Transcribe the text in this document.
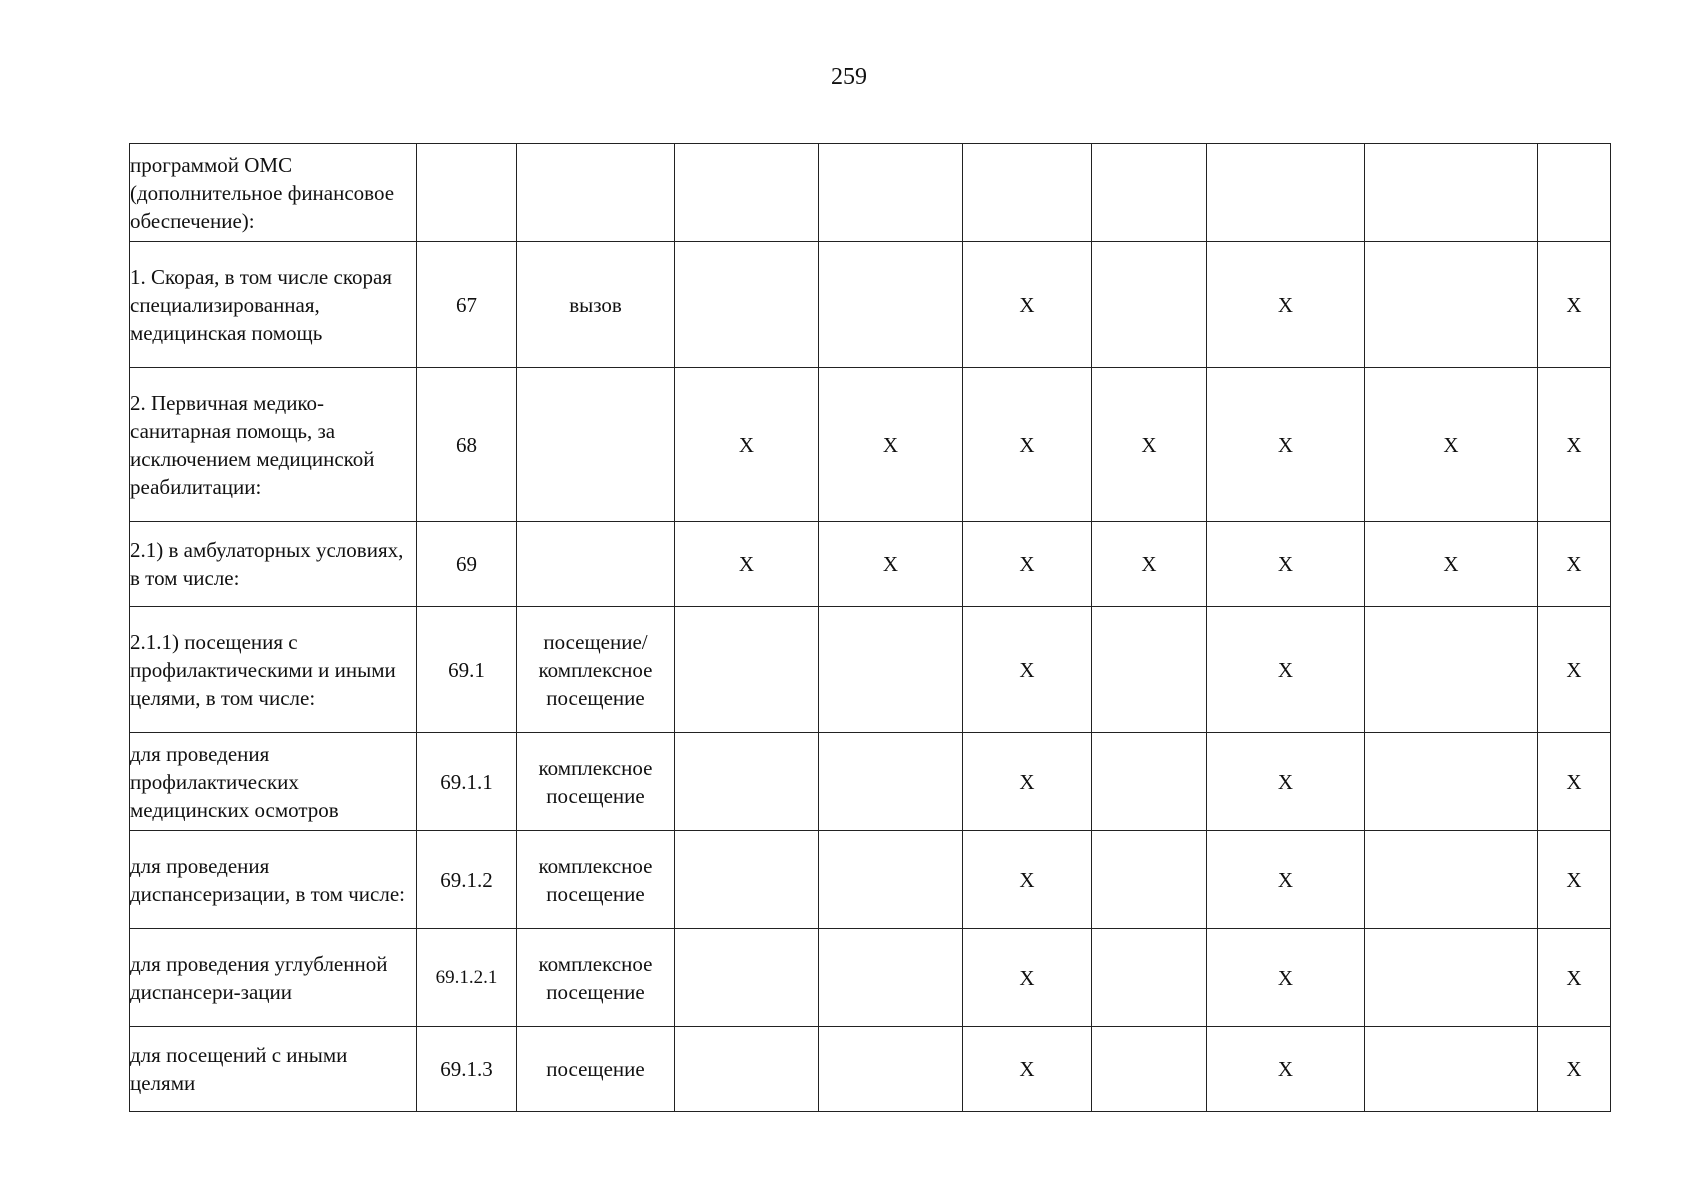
259
программой ОМС (дополнительное финансовое обеспечение):									
1. Скорая, в том числе скорая специализированная, медицинская помощь	67	вызов			X		X		X
2. Первичная медико-санитарная помощь, за исключением медицинской реабилитации:	68		X	X	X	X	X	X	X
2.1) в амбулаторных условиях, в том числе:	69		X	X	X	X	X	X	X
2.1.1) посещения с профилактическими и иными целями, в том числе:	69.1	посещение/ комплексное посещение			X		X		X
для проведения профилактических медицинских осмотров	69.1.1	комплексное посещение			X		X		X
для проведения диспансеризации, в том числе:	69.1.2	комплексное посещение			X		X		X
для проведения углубленной диспансери-зации	69.1.2.1	комплексное посещение			X		X		X
для посещений с иными целями	69.1.3	посещение			X		X		X
